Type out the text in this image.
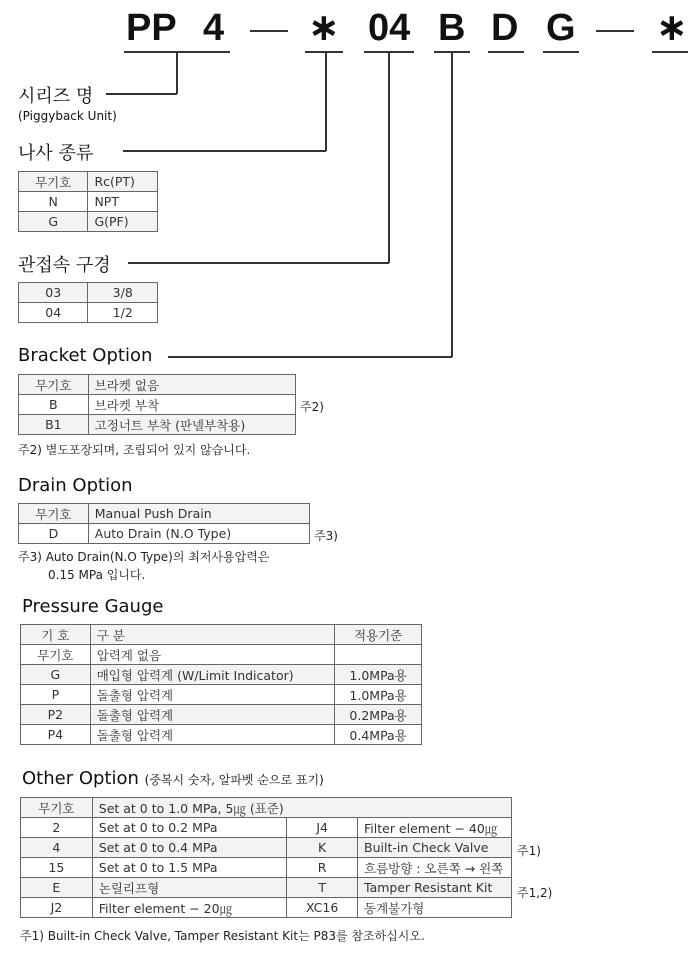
PP 4 ∗ 04 B D G ∗
시리즈 명
(Piggyback Unit)
나사 종류
무기호	Rc(PT)
N	NPT
G	G(PF)
관접속 구경
03	3/8
04	1/2
Bracket Option
무기호	브라켓 없음
B	브라켓 부착
B1	고정너트 부착 (판넬부착용)
주2)
주2) 별도포장되며, 조립되어 있지 않습니다.
Drain Option
무기호	Manual Push Drain
D	Auto Drain (N.O Type)	주3)
주3) Auto Drain(N.O Type)의 최저사용압력은
0.15 MPa 입니다.
Pressure Gauge
기 호	구 분	적용기준
무기호	압력계 없음	
G	매입형 압력계 (W/Limit Indicator)	1.0MPa용
P	돌출형 압력계	1.0MPa용
P2	돌출형 압력계	0.2MPa용
P4	돌출형 압력계	0.4MPa용
Other Option (중복시 숫자, 알파벳 순으로 표기)
무기호	Set at 0 to 1.0 MPa, 5㎍ (표준)		
2	Set at 0 to 0.2 MPa	J4	Filter element − 40㎍
4	Set at 0 to 0.4 MPa	K	Built-in Check Valve
15	Set at 0 to 1.5 MPa	R	흐름방향 : 오른쪽 → 왼쪽
E	논릴리프형	T	Tamper Resistant Kit
J2	Filter element − 20㎍	XC16	동계불가형
주1)
주1,2)
주1) Built-in Check Valve, Tamper Resistant Kit는 P83를 참조하십시오.
